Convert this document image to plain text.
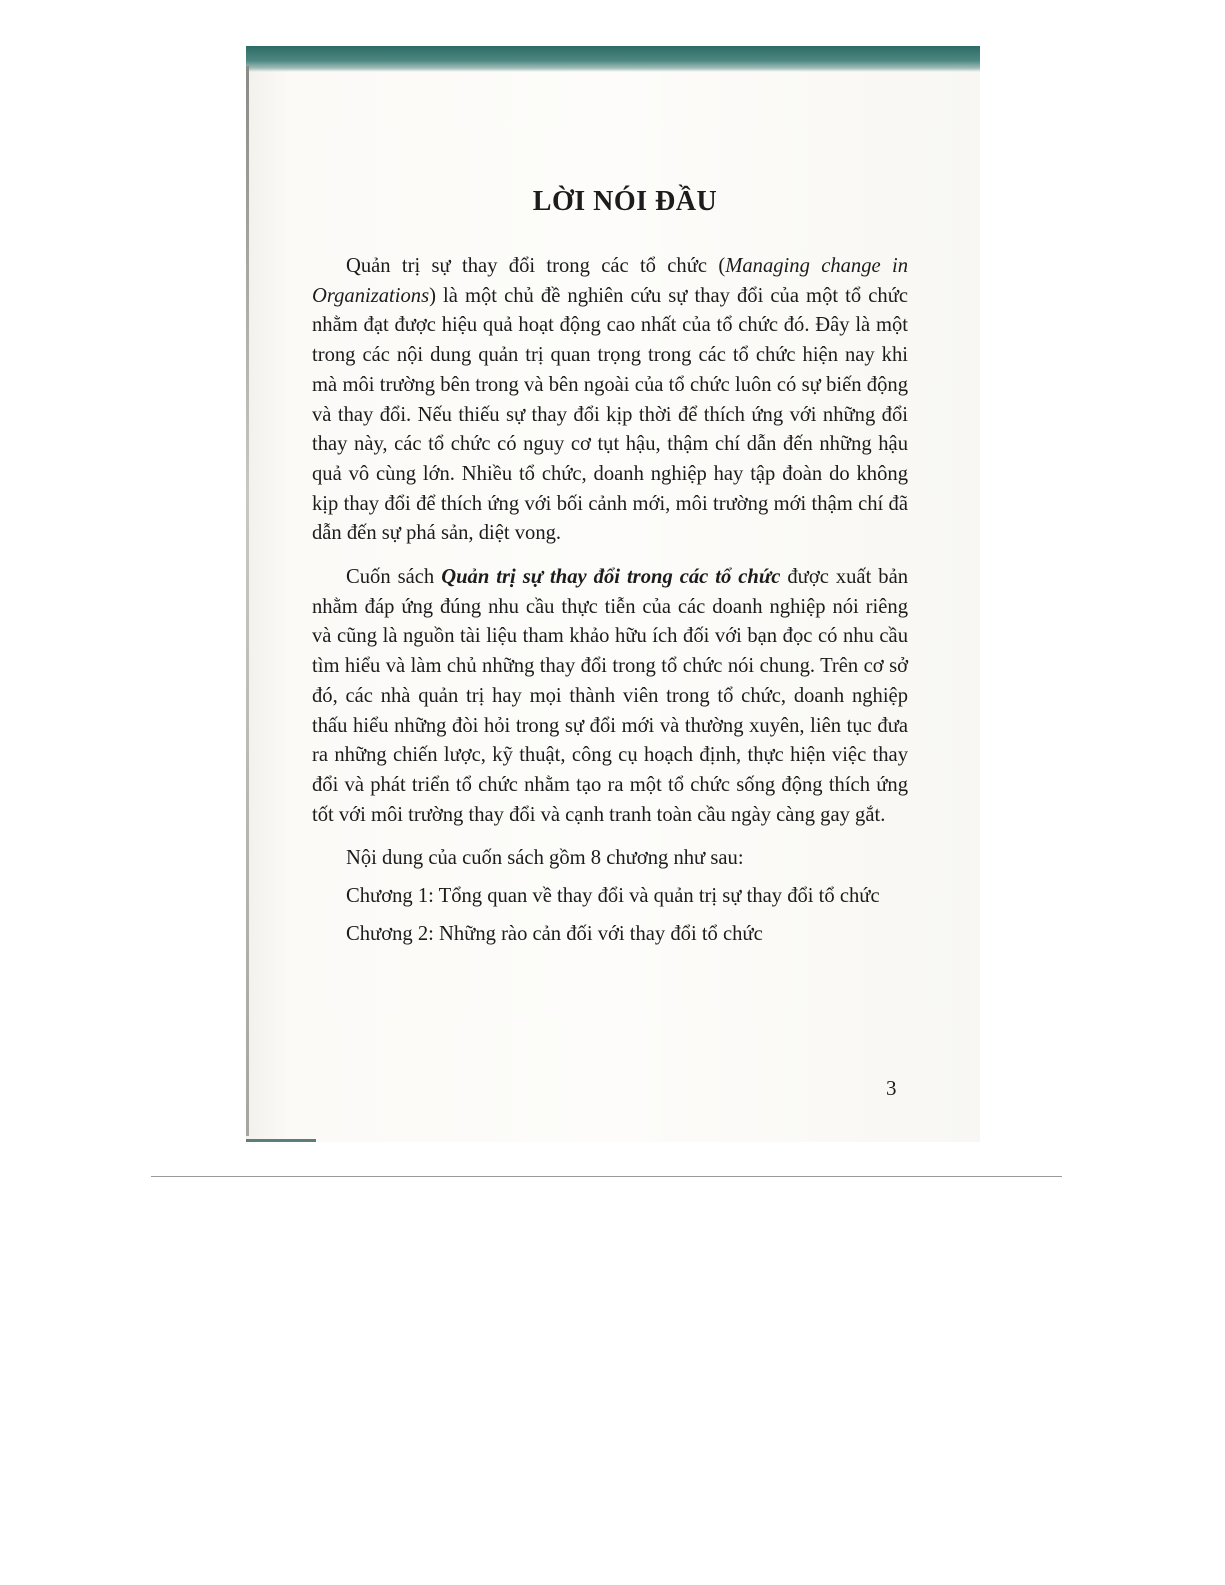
LỜI NÓI ĐẦU

Quản trị sự thay đổi trong các tổ chức (Managing change in Organizations) là một chủ đề nghiên cứu sự thay đổi của một tổ chức nhằm đạt được hiệu quả hoạt động cao nhất của tổ chức đó. Đây là một trong các nội dung quản trị quan trọng trong các tổ chức hiện nay khi mà môi trường bên trong và bên ngoài của tổ chức luôn có sự biến động và thay đổi. Nếu thiếu sự thay đổi kịp thời để thích ứng với những đổi thay này, các tổ chức có nguy cơ tụt hậu, thậm chí dẫn đến những hậu quả vô cùng lớn. Nhiều tổ chức, doanh nghiệp hay tập đoàn do không kịp thay đổi để thích ứng với bối cảnh mới, môi trường mới thậm chí đã dẫn đến sự phá sản, diệt vong.

Cuốn sách Quản trị sự thay đổi trong các tổ chức được xuất bản nhằm đáp ứng đúng nhu cầu thực tiễn của các doanh nghiệp nói riêng và cũng là nguồn tài liệu tham khảo hữu ích đối với bạn đọc có nhu cầu tìm hiểu và làm chủ những thay đổi trong tổ chức nói chung. Trên cơ sở đó, các nhà quản trị hay mọi thành viên trong tổ chức, doanh nghiệp thấu hiểu những đòi hỏi trong sự đổi mới và thường xuyên, liên tục đưa ra những chiến lược, kỹ thuật, công cụ hoạch định, thực hiện việc thay đổi và phát triển tổ chức nhằm tạo ra một tổ chức sống động thích ứng tốt với môi trường thay đổi và cạnh tranh toàn cầu ngày càng gay gắt.

Nội dung của cuốn sách gồm 8 chương như sau:

Chương 1: Tổng quan về thay đổi và quản trị sự thay đổi tổ chức

Chương 2: Những rào cản đối với thay đổi tổ chức

3
